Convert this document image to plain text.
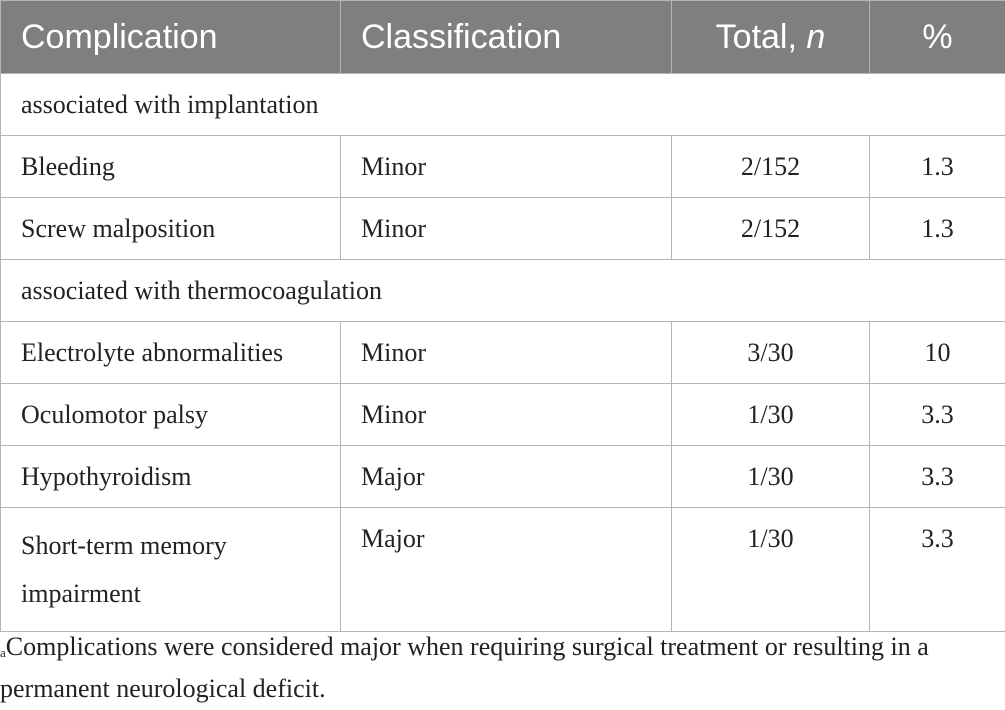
Complication	Classification	Total, n	%
associated with implantation			
Bleeding	Minor	2/152	1.3
Screw malposition	Minor	2/152	1.3
associated with thermocoagulation			
Electrolyte abnormalities	Minor	3/30	10
Oculomotor palsy	Minor	1/30	3.3
Hypothyroidism	Major	1/30	3.3
Short-term memory impairment	Major	1/30	3.3
$^a$Complications were considered major when requiring surgical treatment or resulting in a permanent neurological deficit.
